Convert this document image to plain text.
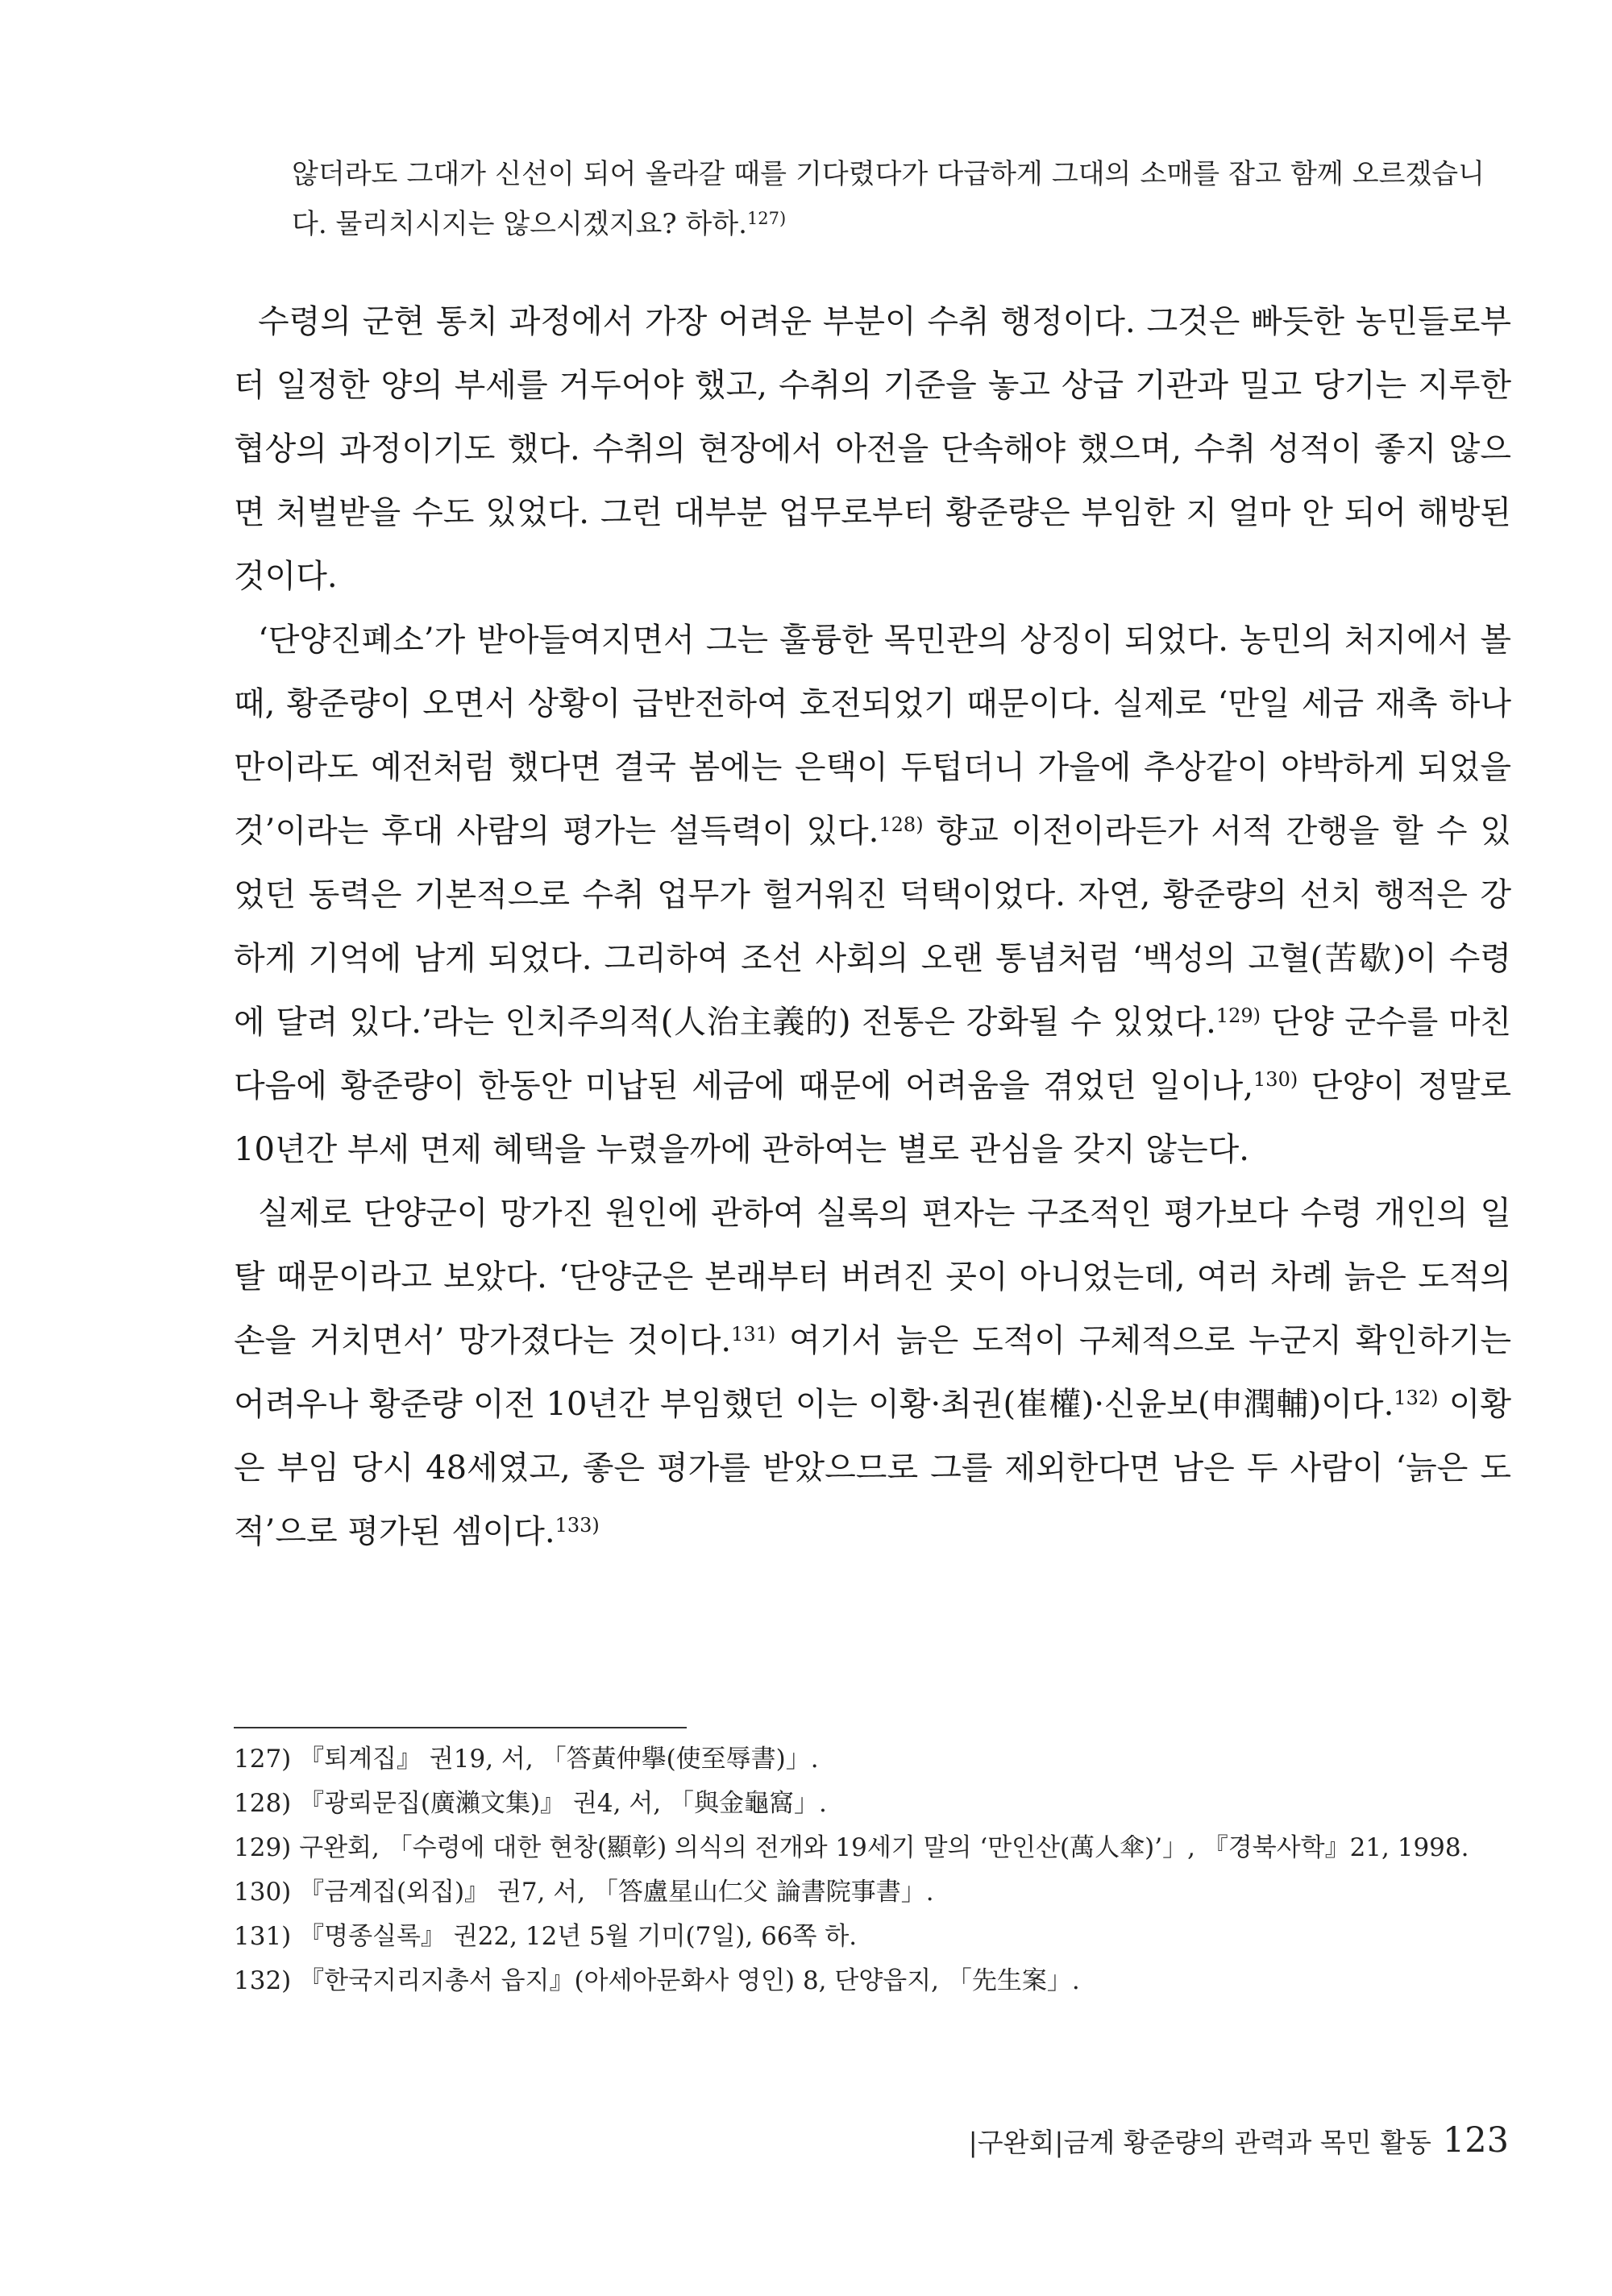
않더라도 그대가 신선이 되어 올라갈 때를 기다렸다가 다급하게 그대의 소매를 잡고 함께 오르겠습니다. 물리치시지는 않으시겠지요? 하하.$^{127)}$

수령의 군현 통치 과정에서 가장 어려운 부분이 수취 행정이다. 그것은 빠듯한 농민들로부터 일정한 양의 부세를 거두어야 했고, 수취의 기준을 놓고 상급 기관과 밀고 당기는 지루한 협상의 과정이기도 했다. 수취의 현장에서 아전을 단속해야 했으며, 수취 성적이 좋지 않으면 처벌받을 수도 있었다. 그런 대부분 업무로부터 황준량은 부임한 지 얼마 안 되어 해방된 것이다.

‘단양진폐소’가 받아들여지면서 그는 훌륭한 목민관의 상징이 되었다. 농민의 처지에서 볼 때, 황준량이 오면서 상황이 급반전하여 호전되었기 때문이다. 실제로 ‘만일 세금 재촉 하나만이라도 예전처럼 했다면 결국 봄에는 은택이 두텁더니 가을에 추상같이 야박하게 되었을 것’이라는 후대 사람의 평가는 설득력이 있다.$^{128)}$ 향교 이전이라든가 서적 간행을 할 수 있었던 동력은 기본적으로 수취 업무가 헐거워진 덕택이었다. 자연, 황준량의 선치 행적은 강하게 기억에 남게 되었다. 그리하여 조선 사회의 오랜 통념처럼 ‘백성의 고혈(苦歇)이 수령에 달려 있다.’라는 인치주의적(人治主義的) 전통은 강화될 수 있었다.$^{129)}$ 단양 군수를 마친 다음에 황준량이 한동안 미납된 세금에 때문에 어려움을 겪었던 일이나,$^{130)}$ 단양이 정말로 10년간 부세 면제 혜택을 누렸을까에 관하여는 별로 관심을 갖지 않는다.

실제로 단양군이 망가진 원인에 관하여 실록의 편자는 구조적인 평가보다 수령 개인의 일탈 때문이라고 보았다. ‘단양군은 본래부터 버려진 곳이 아니었는데, 여러 차례 늙은 도적의 손을 거치면서’ 망가졌다는 것이다.$^{131)}$ 여기서 늙은 도적이 구체적으로 누군지 확인하기는 어려우나 황준량 이전 10년간 부임했던 이는 이황·최권(崔權)·신윤보(申潤輔)이다.$^{132)}$ 이황은 부임 당시 48세였고, 좋은 평가를 받았으므로 그를 제외한다면 남은 두 사람이 ‘늙은 도적’으로 평가된 셈이다.$^{133)}$

127) 『퇴계집』 권19, 서, 「答黃仲擧(使至辱書)」.

128) 『광뢰문집(廣瀨文集)』 권4, 서, 「與金龜窩」.

129) 구완회, 「수령에 대한 현창(顯彰) 의식의 전개와 19세기 말의 ‘만인산(萬人傘)’」, 『경북사학』21, 1998.

130) 『금계집(외집)』 권7, 서, 「答盧星山仁父 論書院事書」.

131) 『명종실록』 권22, 12년 5월 기미(7일), 66쪽 하.

132) 『한국지리지총서 읍지』(아세아문화사 영인) 8, 단양읍지, 「先生案」.

|구완회|금계 황준량의 관력과 목민 활동 123
